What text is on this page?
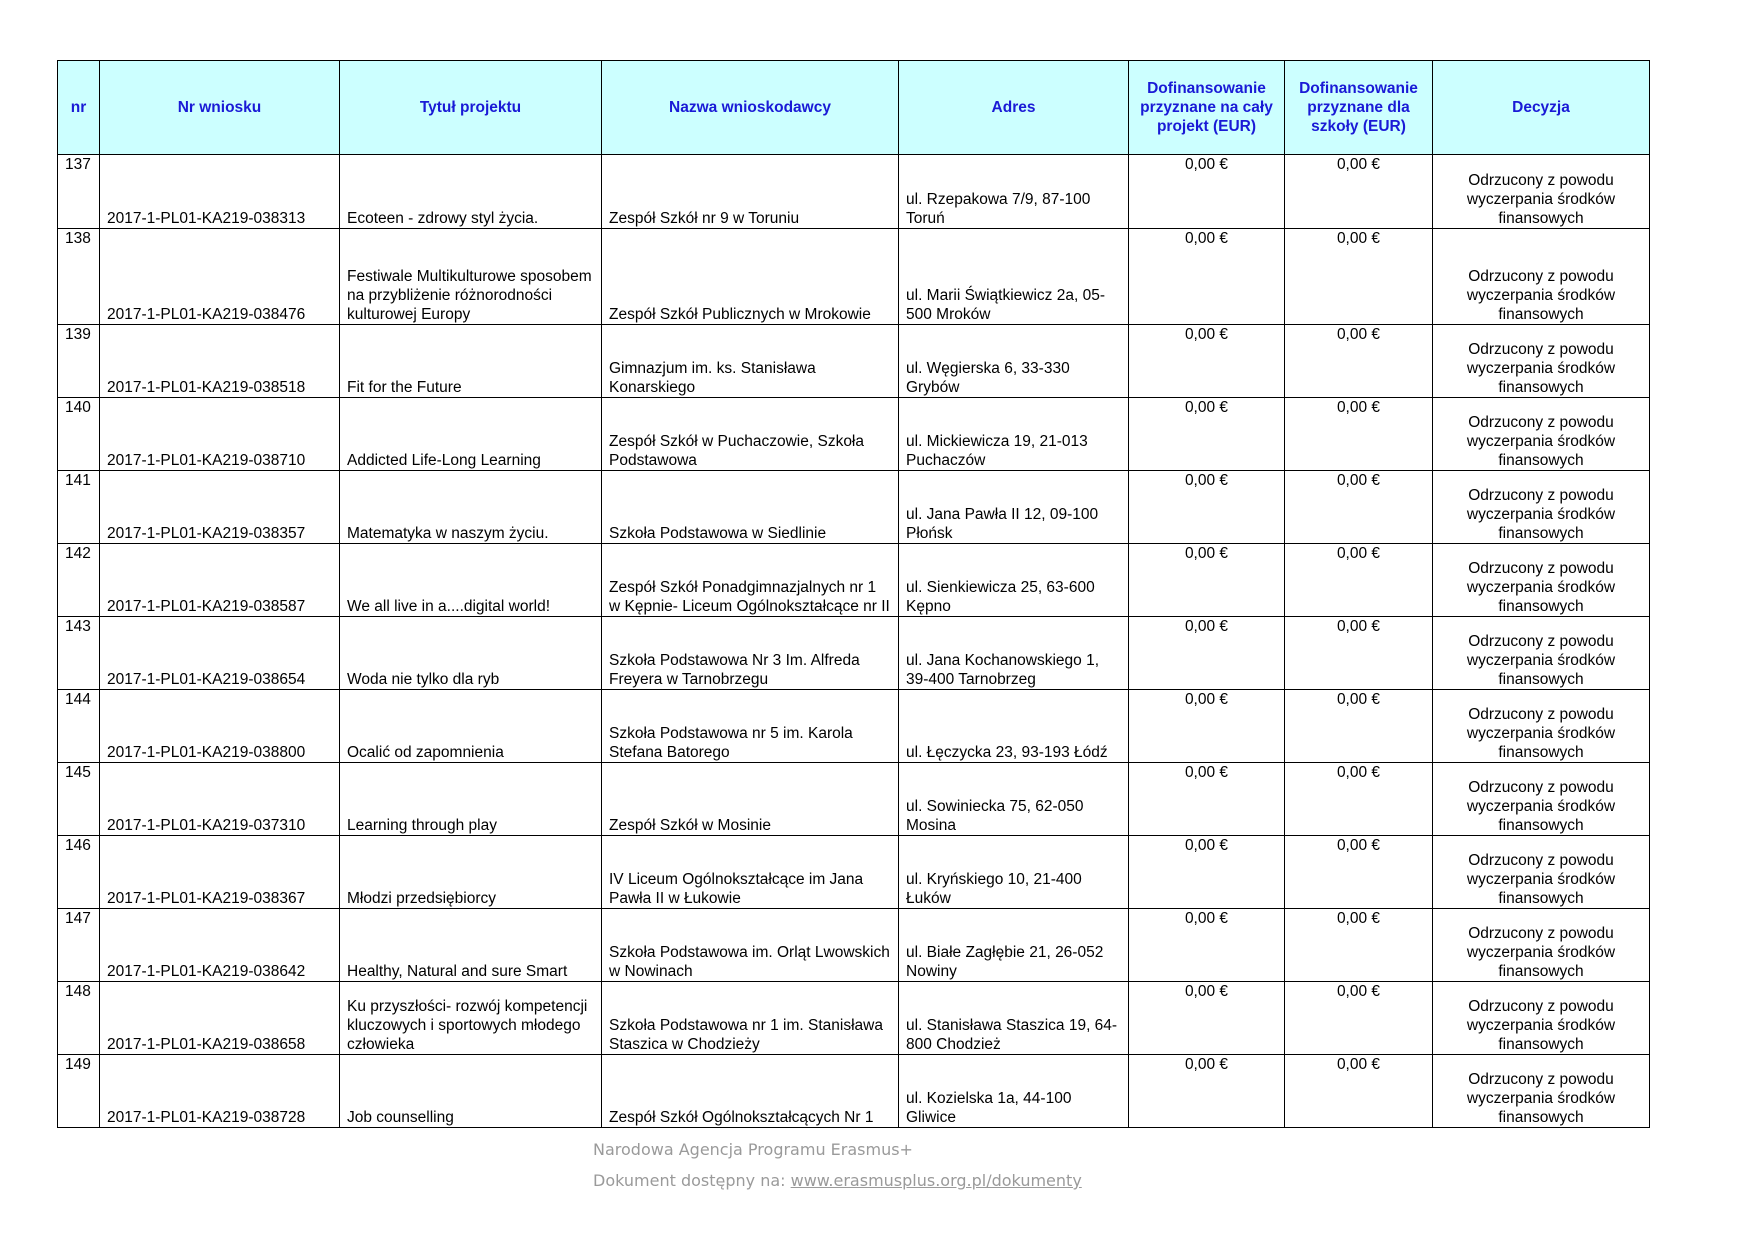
nr	Nr wniosku	Tytuł projektu	Nazwa wnioskodawcy	Adres	Dofinansowanie przyznane na cały projekt (EUR)	Dofinansowanie przyznane dla szkoły (EUR)	Decyzja
137	2017-1-PL01-KA219-038313	Ecoteen - zdrowy styl życia.	Zespół Szkół nr 9 w Toruniu	ul. Rzepakowa 7/9, 87-100 Toruń	0,00 €	0,00 €	Odrzucony z powodu wyczerpania środków finansowych
138	2017-1-PL01-KA219-038476	Festiwale Multikulturowe sposobem na przybliżenie różnorodności kulturowej Europy	Zespół Szkół Publicznych w Mrokowie	ul. Marii Świątkiewicz 2a, 05-500 Mroków	0,00 €	0,00 €	Odrzucony z powodu wyczerpania środków finansowych
139	2017-1-PL01-KA219-038518	Fit for the Future	Gimnazjum im. ks. Stanisława Konarskiego	ul. Węgierska 6, 33-330 Grybów	0,00 €	0,00 €	Odrzucony z powodu wyczerpania środków finansowych
140	2017-1-PL01-KA219-038710	Addicted Life-Long Learning	Zespół Szkół w Puchaczowie, Szkoła Podstawowa	ul. Mickiewicza 19, 21-013 Puchaczów	0,00 €	0,00 €	Odrzucony z powodu wyczerpania środków finansowych
141	2017-1-PL01-KA219-038357	Matematyka w naszym życiu.	Szkoła Podstawowa w Siedlinie	ul. Jana Pawła II 12, 09-100 Płońsk	0,00 €	0,00 €	Odrzucony z powodu wyczerpania środków finansowych
142	2017-1-PL01-KA219-038587	We all live in a....digital world!	Zespół Szkół Ponadgimnazjalnych nr 1 w Kępnie- Liceum Ogólnokształcące nr II	ul. Sienkiewicza 25, 63-600 Kępno	0,00 €	0,00 €	Odrzucony z powodu wyczerpania środków finansowych
143	2017-1-PL01-KA219-038654	Woda nie tylko dla ryb	Szkoła Podstawowa Nr 3 Im. Alfreda Freyera w Tarnobrzegu	ul. Jana Kochanowskiego 1, 39-400 Tarnobrzeg	0,00 €	0,00 €	Odrzucony z powodu wyczerpania środków finansowych
144	2017-1-PL01-KA219-038800	Ocalić od zapomnienia	Szkoła Podstawowa nr 5 im. Karola Stefana Batorego	ul. Łęczycka 23, 93-193 Łódź	0,00 €	0,00 €	Odrzucony z powodu wyczerpania środków finansowych
145	2017-1-PL01-KA219-037310	Learning through play	Zespół Szkół w Mosinie	ul. Sowiniecka 75, 62-050 Mosina	0,00 €	0,00 €	Odrzucony z powodu wyczerpania środków finansowych
146	2017-1-PL01-KA219-038367	Młodzi przedsiębiorcy	IV Liceum Ogólnokształcące im Jana Pawła II w Łukowie	ul. Kryńskiego 10, 21-400 Łuków	0,00 €	0,00 €	Odrzucony z powodu wyczerpania środków finansowych
147	2017-1-PL01-KA219-038642	Healthy, Natural and sure Smart	Szkoła Podstawowa im. Orląt Lwowskich w Nowinach	ul. Białe Zagłębie 21, 26-052 Nowiny	0,00 €	0,00 €	Odrzucony z powodu wyczerpania środków finansowych
148	2017-1-PL01-KA219-038658	Ku przyszłości- rozwój kompetencji kluczowych i sportowych młodego człowieka	Szkoła Podstawowa nr 1 im. Stanisława Staszica w Chodzieży	ul. Stanisława Staszica 19, 64-800 Chodzież	0,00 €	0,00 €	Odrzucony z powodu wyczerpania środków finansowych
149	2017-1-PL01-KA219-038728	Job counselling	Zespół Szkół Ogólnokształcących Nr 1	ul. Kozielska 1a, 44-100 Gliwice	0,00 €	0,00 €	Odrzucony z powodu wyczerpania środków finansowych
Narodowa Agencja Programu Erasmus+
Dokument dostępny na: www.erasmusplus.org.pl/dokumenty
